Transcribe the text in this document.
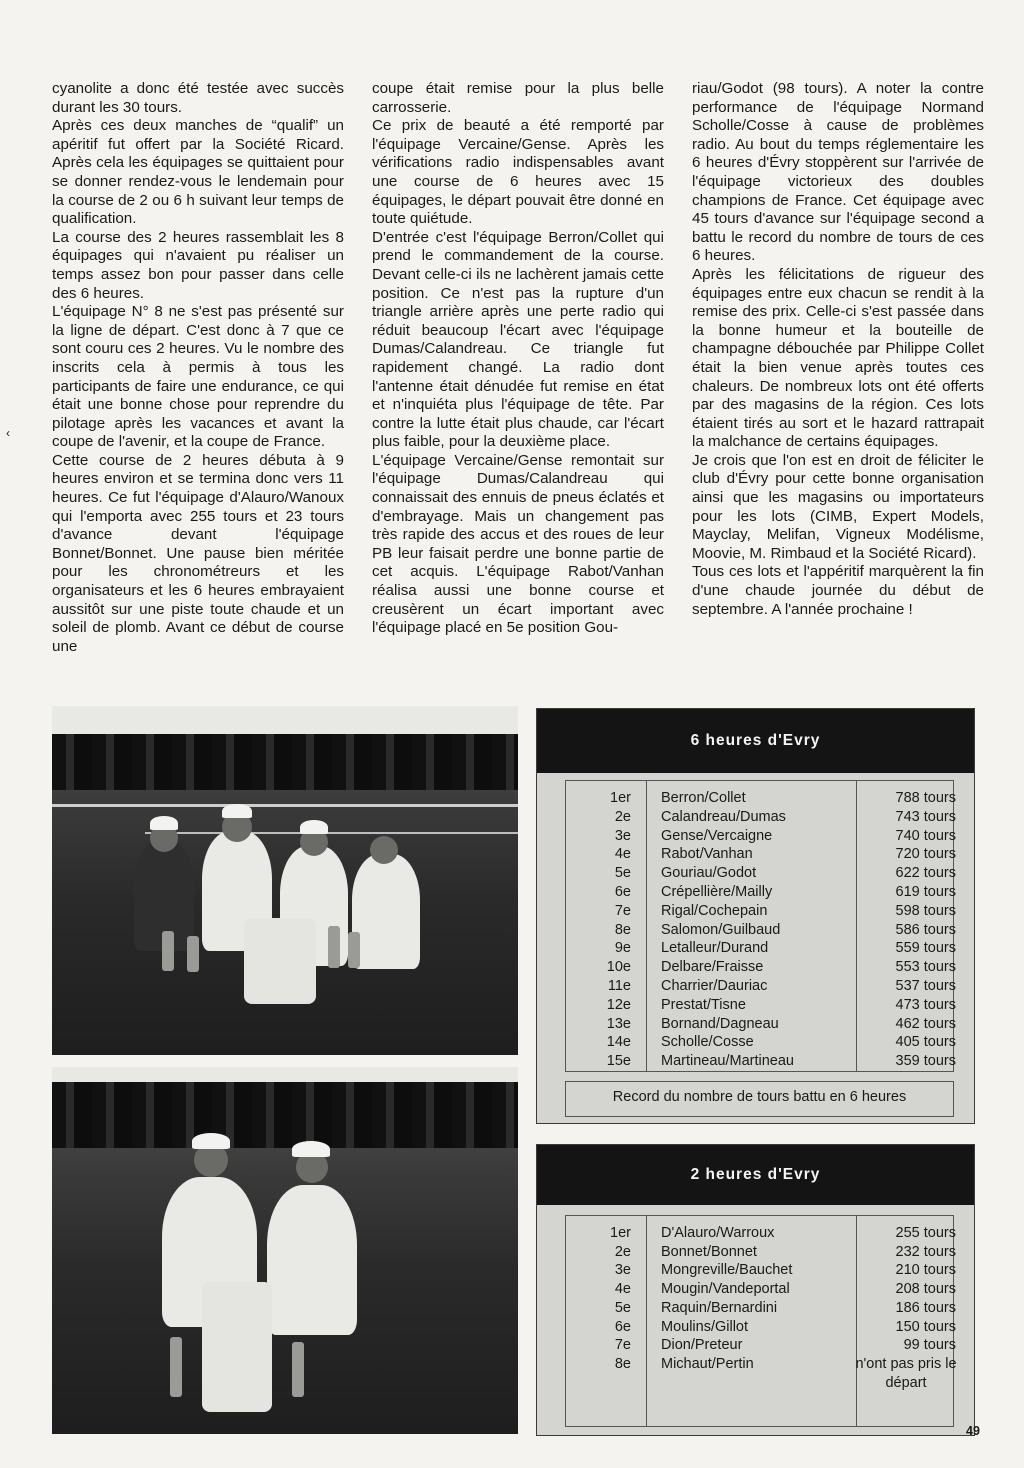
‹

cyanolite a donc été testée avec succès durant les 30 tours.

Après ces deux manches de “qualif” un apéritif fut offert par la Société Ricard. Après cela les équipages se quittaient pour se donner rendez-vous le lendemain pour la course de 2 ou 6 h suivant leur temps de qualification.

La course des 2 heures rassemblait les 8 équipages qui n'avaient pu réaliser un temps assez bon pour passer dans celle des 6 heures.

L'équipage N° 8 ne s'est pas présenté sur la ligne de départ. C'est donc à 7 que ce sont couru ces 2 heures. Vu le nombre des inscrits cela à permis à tous les participants de faire une endurance, ce qui était une bonne chose pour reprendre du pilotage après les vacances et avant la coupe de l'avenir, et la coupe de France.

Cette course de 2 heures débuta à 9 heures environ et se termina donc vers 11 heures. Ce fut l'équipage d'Alauro/Wanoux qui l'emporta avec 255 tours et 23 tours d'avance devant l'équipage Bonnet/Bonnet. Une pause bien méritée pour les chronométreurs et les organisateurs et les 6 heures embrayaient aussitôt sur une piste toute chaude et un soleil de plomb. Avant ce début de course une

coupe était remise pour la plus belle carrosserie.

Ce prix de beauté a été remporté par l'équipage Vercaine/Gense. Après les vérifications radio indispensables avant une course de 6 heures avec 15 équipages, le départ pouvait être donné en toute quiétude.

D'entrée c'est l'équipage Berron/Collet qui prend le commandement de la course. Devant celle-ci ils ne lachèrent jamais cette position. Ce n'est pas la rupture d'un triangle arrière après une perte radio qui réduit beaucoup l'écart avec l'équipage Dumas/Calandreau. Ce triangle fut rapidement changé. La radio dont l'antenne était dénudée fut remise en état et n'inquiéta plus l'équipage de tête. Par contre la lutte était plus chaude, car l'écart plus faible, pour la deuxième place.

L'équipage Vercaine/Gense remontait sur l'équipage Dumas/Calandreau qui connaissait des ennuis de pneus éclatés et d'embrayage. Mais un changement pas très rapide des accus et des roues de leur PB leur faisait perdre une bonne partie de cet acquis. L'équipage Rabot/Vanhan réalisa aussi une bonne course et creusèrent un écart important avec l'équipage placé en 5e position Gou-

riau/Godot (98 tours). A noter la contre performance de l'équipage Normand Scholle/Cosse à cause de problèmes radio. Au bout du temps réglementaire les 6 heures d'Évry stoppèrent sur l'arrivée de l'équipage victorieux des doubles champions de France. Cet équipage avec 45 tours d'avance sur l'équipage second a battu le record du nombre de tours de ces 6 heures.

Après les félicitations de rigueur des équipages entre eux chacun se rendit à la remise des prix. Celle-ci s'est passée dans la bonne humeur et la bouteille de champagne débouchée par Philippe Collet était la bien venue après toutes ces chaleurs. De nombreux lots ont été offerts par des magasins de la région. Ces lots étaient tirés au sort et le hazard rattrapait la malchance de certains équipages.

Je crois que l'on est en droit de féliciter le club d'Évry pour cette bonne organisation ainsi que les magasins ou importateurs pour les lots (CIMB, Expert Models, Mayclay, Melifan, Vigneux Modélisme, Moovie, M. Rimbaud et la Société Ricard).

Tous ces lots et l'appéritif marquèrent la fin d'une chaude journée du début de septembre. A l'année prochaine !

6 heures d'Evry
1er Berron/Collet	788 tours
2e Calandreau/Dumas	743 tours
3e Gense/Vercaigne	740 tours
4e Rabot/Vanhan	720 tours
5e Gouriau/Godot	622 tours
6e Crépellière/Mailly	619 tours
7e Rigal/Cochepain	598 tours
8e Salomon/Guilbaud	586 tours
9e Letalleur/Durand	559 tours
10e Delbare/Fraisse	553 tours
11e Charrier/Dauriac	537 tours
12e Prestat/Tisne	473 tours
13e Bornand/Dagneau	462 tours
14e Scholle/Cosse	405 tours
15e Martineau/Martineau	359 tours
Record du nombre de tours battu en 6 heures
2 heures d'Evry
1er D'Alauro/Warroux	255 tours
2e Bonnet/Bonnet	232 tours
3e Mongreville/Bauchet	210 tours
4e Mougin/Vandeportal	208 tours
5e Raquin/Bernardini	186 tours
6e Moulins/Gillot	150 tours
7e Dion/Preteur	99 tours
8e Michaut/Pertin	n'ont pas pris le départ
49
